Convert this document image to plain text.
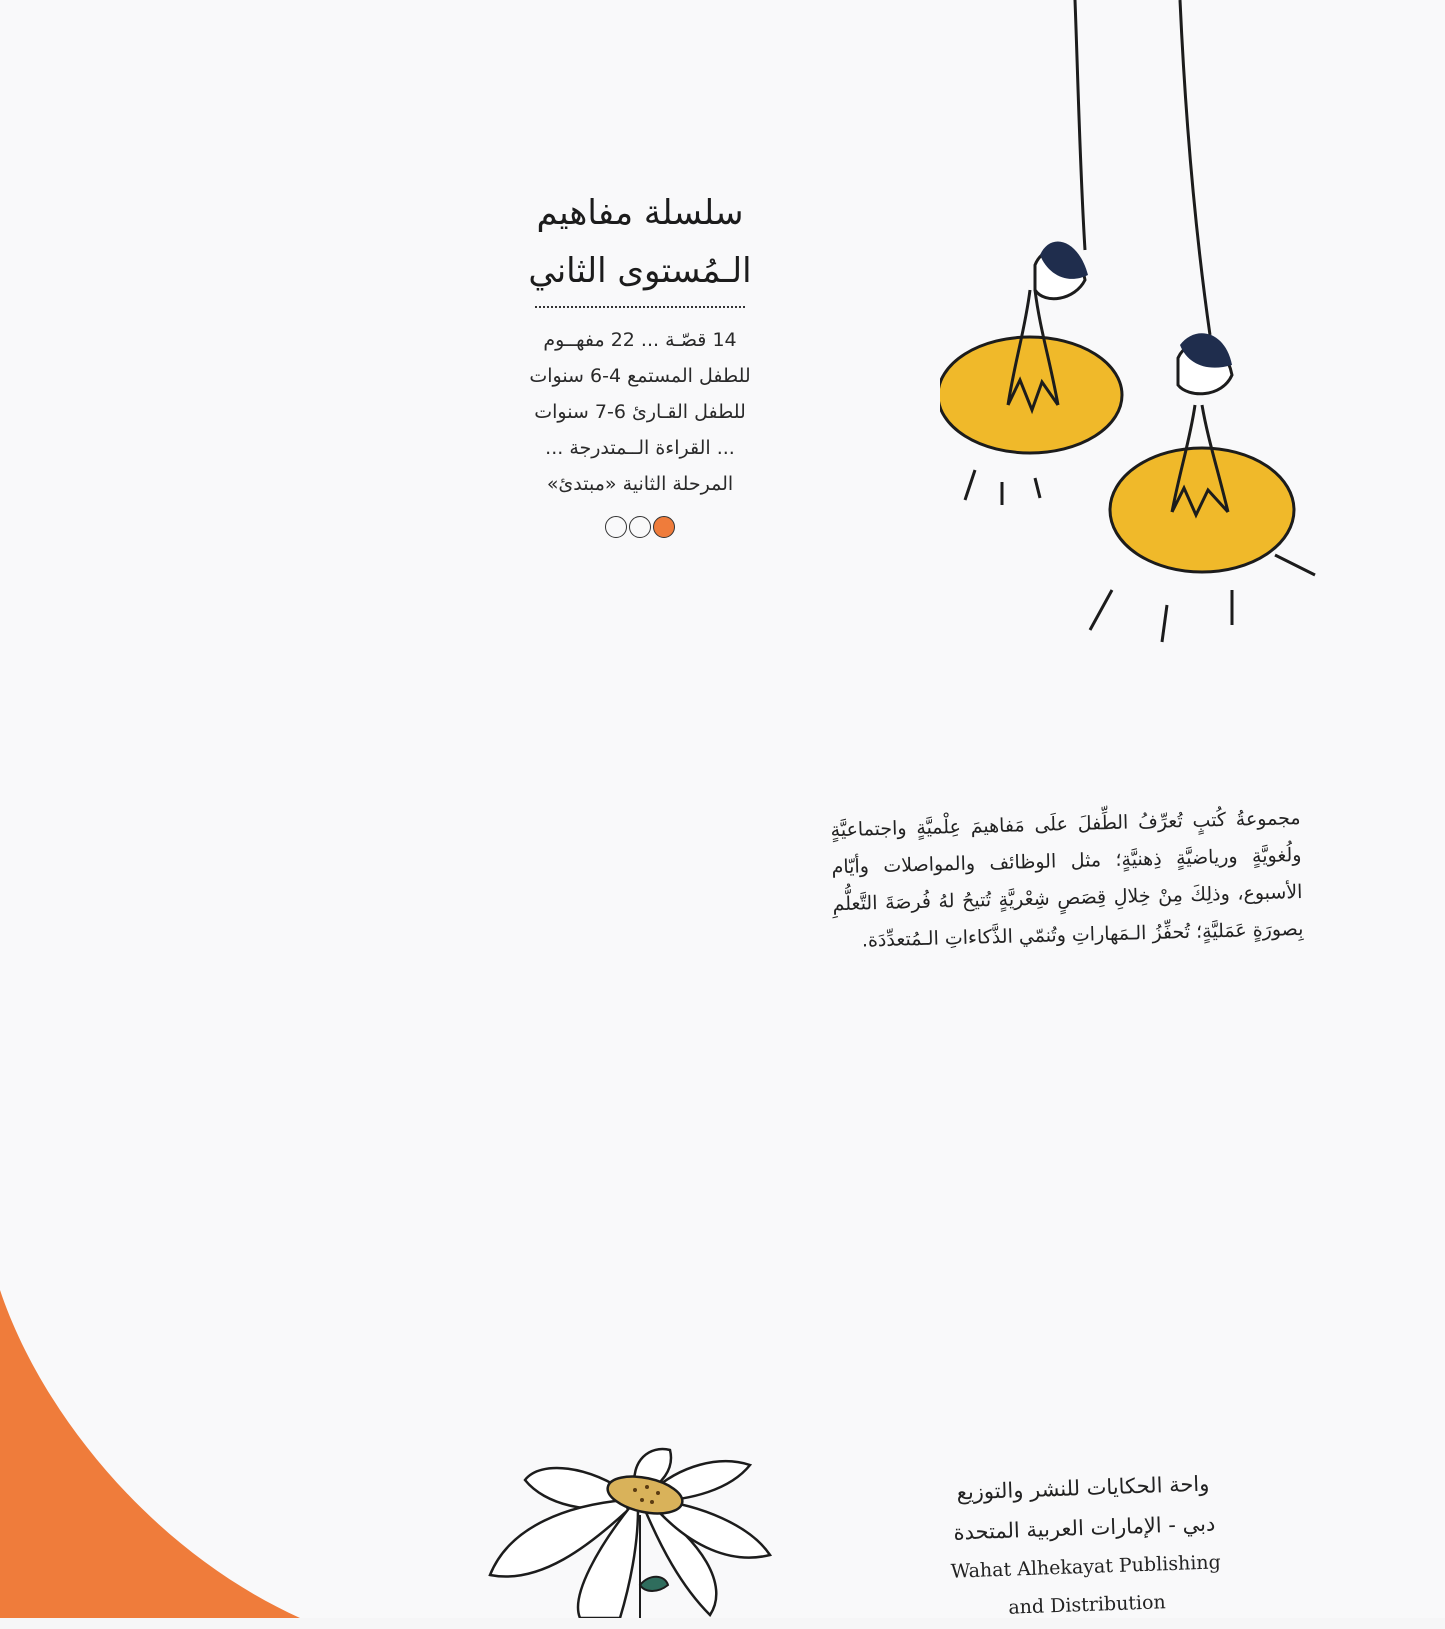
سلسلة مفاهيم
الـمُستوى الثاني

14 قصّـة ... 22 مفهــوم

للطفل المستمع 4-6 سنوات

للطفل القـارئ 6-7 سنوات

... القراءة الــمتدرجة ...

المرحلة الثانية «مبتدئ»

مجموعةُ كُتبٍ تُعرِّفُ الطِّفلَ علَى مَفاهيمَ عِلْميَّةٍ واجتماعيَّةٍ ولُغويَّةٍ ورياضيَّةٍ ذِهنيَّةٍ؛ مثل الوظائف والمواصلات وأيّام الأسبوع، وذلِكَ مِنْ خِلالِ قِصَصٍ شِعْريَّةٍ تُتيحُ لهُ فُرصَةَ التَّعلُّمِ بِصورَةٍ عَمَليَّةٍ؛ تُحفِّزُ الـمَهاراتِ وتُنمّي الذَّكاءاتِ الـمُتعدِّدَة.

واحة الحكايات للنشر والتوزيع

دبي - الإمارات العربية المتحدة

Wahat Alhekayat Publishing

and Distribution
